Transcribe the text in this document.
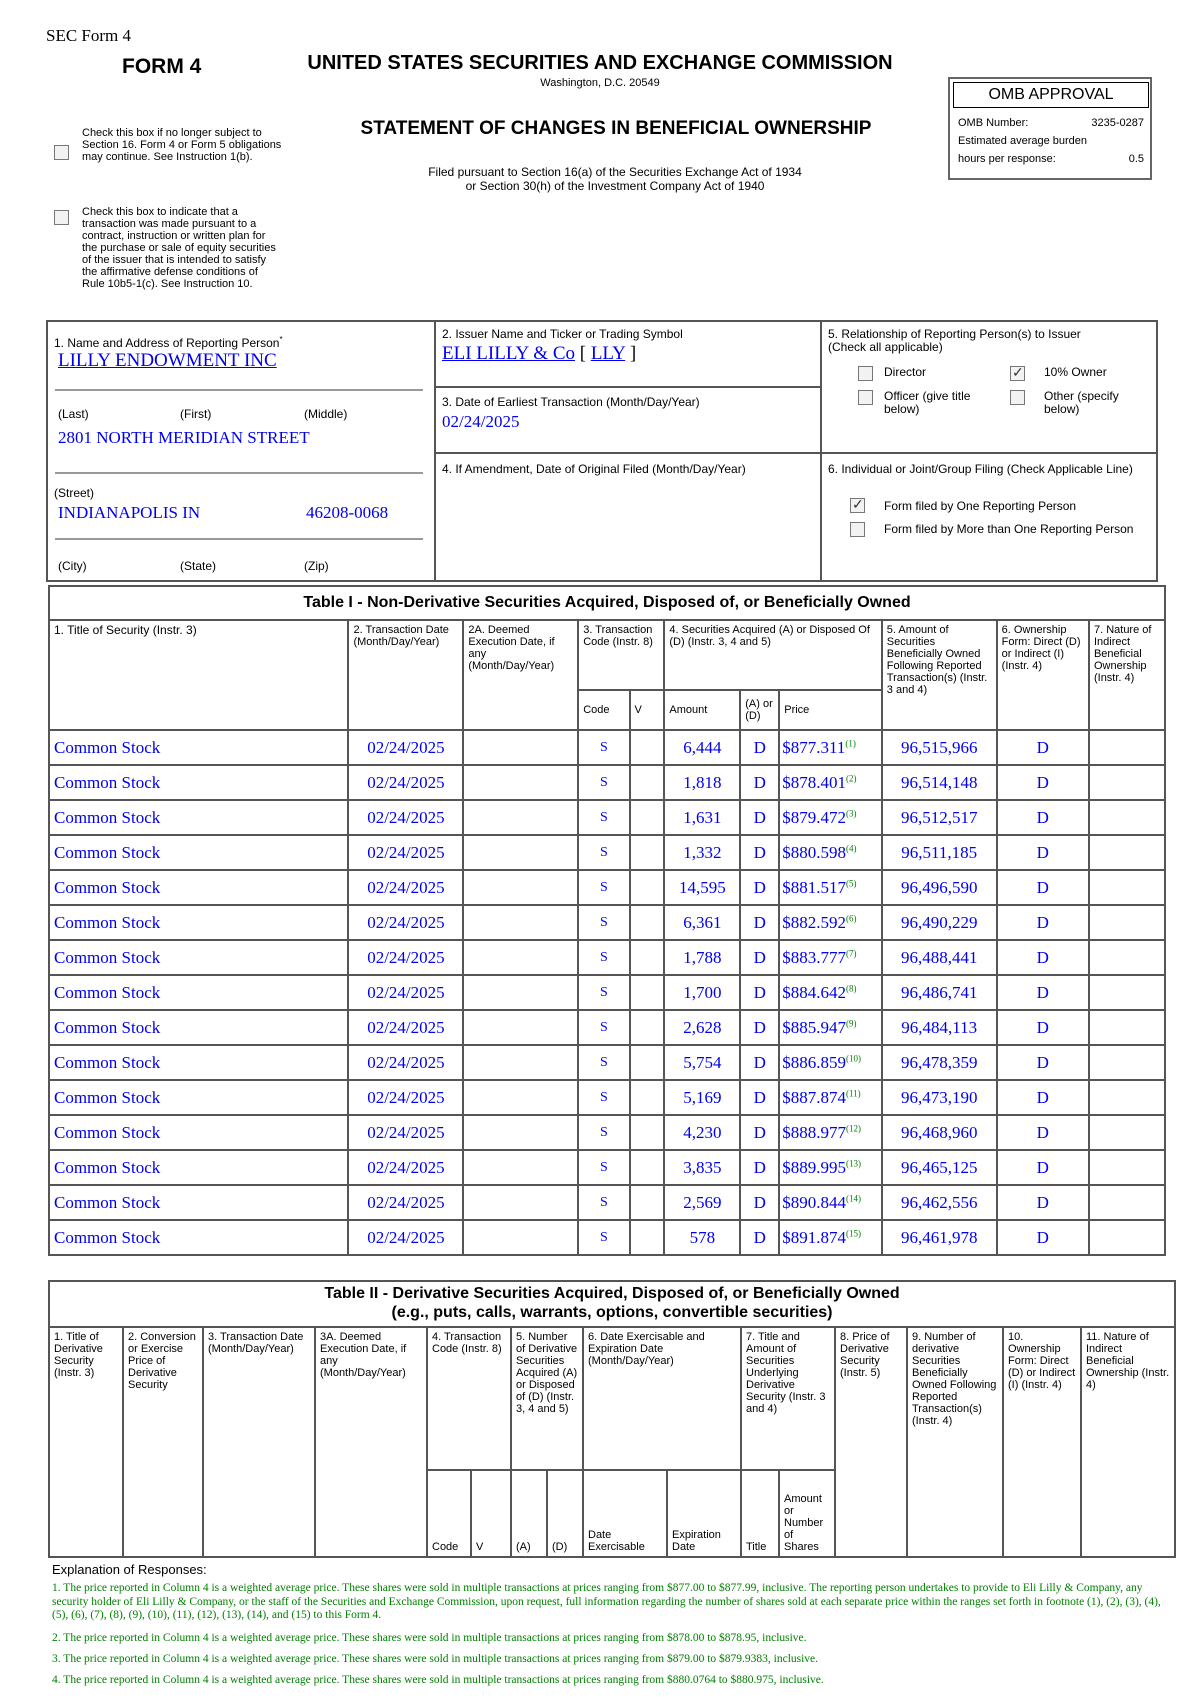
SEC Form 4
FORM 4	UNITED STATES SECURITIES AND EXCHANGE COMMISSION
Washington, D.C. 20549
STATEMENT OF CHANGES IN BENEFICIAL OWNERSHIP
Filed pursuant to Section 16(a) of the Securities Exchange Act of 1934
or Section 30(h) of the Investment Company Act of 1940
OMB APPROVAL
OMB Number:	3235-0287
Estimated average burden
hours per response:	0.5
Check this box if no longer subject to Section 16. Form 4 or Form 5 obligations may continue. See Instruction 1(b).
Check this box to indicate that a transaction was made pursuant to a contract, instruction or written plan for the purchase or sale of equity securities of the issuer that is intended to satisfy the affirmative defense conditions of Rule 10b5-1(c). See Instruction 10.
1. Name and Address of Reporting Person*
LILLY ENDOWMENT INC
(Last)	(First)	(Middle)
2801 NORTH MERIDIAN STREET
(Street)
INDIANAPOLIS IN	46208-0068
(City)	(State)	(Zip)
2. Issuer Name and Ticker or Trading Symbol
ELI LILLY & Co [ LLY ]
3. Date of Earliest Transaction (Month/Day/Year)
02/24/2025
4. If Amendment, Date of Original Filed (Month/Day/Year)
5. Relationship of Reporting Person(s) to Issuer
(Check all applicable)
Director ✓	10% Owner
Officer (give title below)
Other (specify below)
6. Individual or Joint/Group Filing (Check Applicable Line)
✓
Form filed by One Reporting Person
Form filed by More than One Reporting Person
Table I - Non-Derivative Securities Acquired, Disposed of, or Beneficially Owned										
1. Title of Security (Instr. 3)	2. Transaction Date (Month/Day/Year)	2A. Deemed Execution Date, if any (Month/Day/Year)	3. Transaction Code (Instr. 8)		4. Securities Acquired (A) or Disposed Of (D) (Instr. 3, 4 and 5)			5. Amount of Securities Beneficially Owned Following Reported Transaction(s) (Instr. 3 and 4)	6. Ownership Form: Direct (D) or Indirect (I) (Instr. 4)	7. Nature of Indirect Beneficial Ownership (Instr. 4)
			Code	V	Amount	(A) or (D)	Price			
Common Stock	02/24/2025		S		6,444	D	$877.311$^{(1)}$	96,515,966	D	
Common Stock	02/24/2025		S		1,818	D	$878.401$^{(2)}$	96,514,148	D	
Common Stock	02/24/2025		S		1,631	D	$879.472$^{(3)}$	96,512,517	D	
Common Stock	02/24/2025		S		1,332	D	$880.598$^{(4)}$	96,511,185	D	
Common Stock	02/24/2025		S		14,595	D	$881.517$^{(5)}$	96,496,590	D	
Common Stock	02/24/2025		S		6,361	D	$882.592$^{(6)}$	96,490,229	D	
Common Stock	02/24/2025		S		1,788	D	$883.777$^{(7)}$	96,488,441	D	
Common Stock	02/24/2025		S		1,700	D	$884.642$^{(8)}$	96,486,741	D	
Common Stock	02/24/2025		S		2,628	D	$885.947$^{(9)}$	96,484,113	D	
Common Stock	02/24/2025		S		5,754	D	$886.859$^{(10)}$	96,478,359	D	
Common Stock	02/24/2025		S		5,169	D	$887.874$^{(11)}$	96,473,190	D	
Common Stock	02/24/2025		S		4,230	D	$888.977$^{(12)}$	96,468,960	D	
Common Stock	02/24/2025		S		3,835	D	$889.995$^{(13)}$	96,465,125	D	
Common Stock	02/24/2025		S		2,569	D	$890.844$^{(14)}$	96,462,556	D	
Common Stock	02/24/2025		S		578	D	$891.874$^{(15)}$	96,461,978	D	
Table II - Derivative Securities Acquired, Disposed of, or Beneficially Owned
(e.g., puts, calls, warrants, options, convertible securities)															

1. Title of Derivative Security (Instr. 3)	2. Conversion or Exercise Price of Derivative Security	3. Transaction Date (Month/Day/Year)	3A. Deemed Execution Date, if any (Month/Day/Year)	4. Transaction Code (Instr. 8)		5. Number of Derivative Securities Acquired (A) or Disposed of (D) (Instr. 3, 4 and 5)		6. Date Exercisable and Expiration Date (Month/Day/Year)		7. Title and Amount of Securities Underlying Derivative Security (Instr. 3 and 4)		8. Price of Derivative Security (Instr. 5)	9. Number of derivative Securities Beneficially Owned Following Reported Transaction(s) (Instr. 4)	10. Ownership Form: Direct (D) or Indirect (I) (Instr. 4)	11. Nature of Indirect Beneficial Ownership (Instr. 4)
				Code	V	(A)	(D)	Date Exercisable	Expiration Date	Title	Amount or Number of Shares				
Explanation of Responses:
1. The price reported in Column 4 is a weighted average price. These shares were sold in multiple transactions at prices ranging from $877.00 to $877.99, inclusive. The reporting person undertakes to provide to Eli Lilly & Company, any security holder of Eli Lilly & Company, or the staff of the Securities and Exchange Commission, upon request, full information regarding the number of shares sold at each separate price within the ranges set forth in footnote (1), (2), (3), (4), (5), (6), (7), (8), (9), (10), (11), (12), (13), (14), and (15) to this Form 4.
2. The price reported in Column 4 is a weighted average price. These shares were sold in multiple transactions at prices ranging from $878.00 to $878.95, inclusive.
3. The price reported in Column 4 is a weighted average price. These shares were sold in multiple transactions at prices ranging from $879.00 to $879.9383, inclusive.
4. The price reported in Column 4 is a weighted average price. These shares were sold in multiple transactions at prices ranging from $880.0764 to $880.975, inclusive.
